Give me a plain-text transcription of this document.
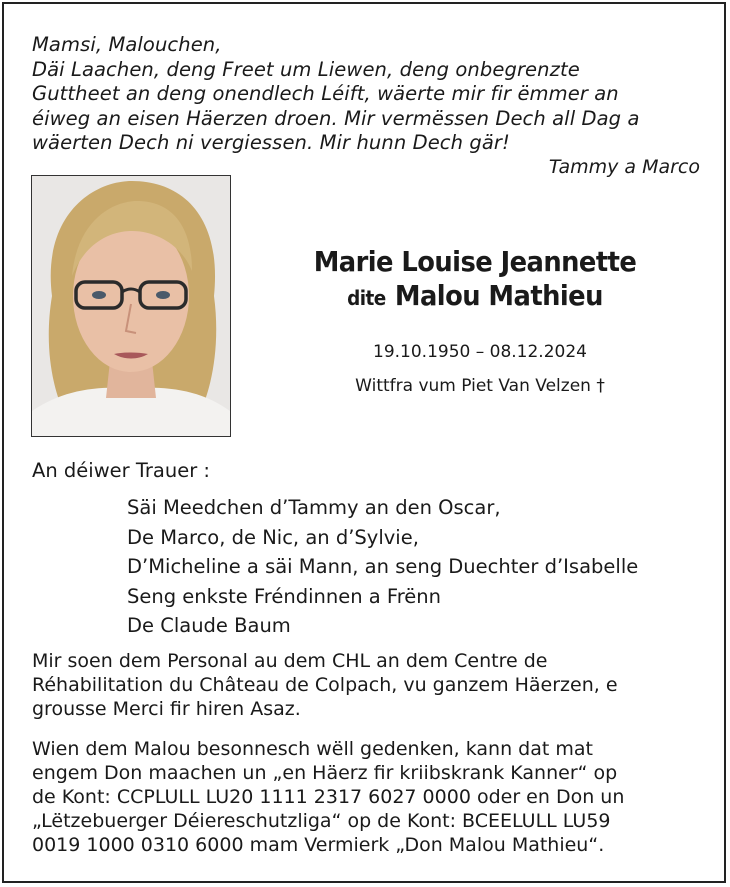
Mamsi, Malouchen,
Däi Laachen, deng Freet um Liewen, deng onbegrenzte
Guttheet an deng onendlech Léift, wäerte mir fir ëmmer an
éiweg an eisen Häerzen droen. Mir vermëssen Dech all Dag a
wäerten Dech ni vergiessen. Mir hunn Dech gär!
Tammy a Marco
Marie Louise Jeannette
dite Malou Mathieu
19.10.1950 – 08.12.2024
Wittfra vum Piet Van Velzen †
An déiwer Trauer :
Säi Meedchen d’Tammy an den Oscar,
De Marco, de Nic, an d’Sylvie,
D’Micheline a säi Mann, an seng Duechter d’Isabelle
Seng enkste Fréndinnen a Frënn
De Claude Baum
Mir soen dem Personal au dem CHL an dem Centre de
Réhabilitation du Château de Colpach, vu ganzem Häerzen, e
grousse Merci fir hiren Asaz.
Wien dem Malou besonnesch wëll gedenken, kann dat mat
engem Don maachen un „en Häerz fir kriibskrank Kanner“ op
de Kont: CCPLULL LU20 1111 2317 6027 0000 oder en Don un
„Lëtzebuerger Déiereschutzliga“ op de Kont: BCEELULL LU59
0019 1000 0310 6000 mam Vermierk „Don Malou Mathieu“.
